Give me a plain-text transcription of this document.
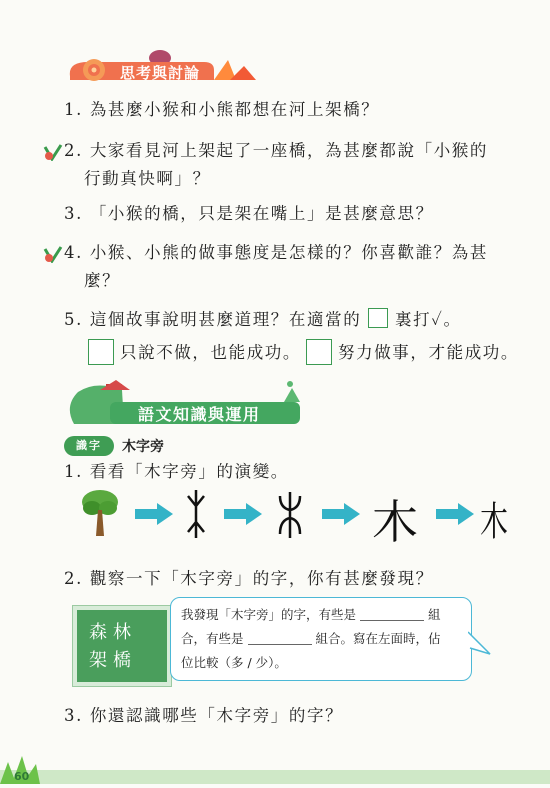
思考與討論
1. 為甚麼小猴和小熊都想在河上架橋？
2. 大家看見河上架起了一座橋，為甚麼都說「小猴的
行動真快啊」？
3. 「小猴的橋，只是架在嘴上」是甚麼意思？
4. 小猴、小熊的做事態度是怎樣的？你喜歡誰？為甚
麼？
5. 這個故事說明甚麼道理？在適當的 裏打✓。
只說不做，也能成功。 努力做事，才能成功。
語文知識與運用
識字	木字旁
1. 看看「木字旁」的演變。
木 木
2. 觀察一下「木字旁」的字，你有甚麼發現？
森林
架橋
我發現「木字旁」的字，有些是	組
合，有些是	組合。寫在左面時，佔
位比較（多 / 少）。
3. 你還認識哪些「木字旁」的字？
60
